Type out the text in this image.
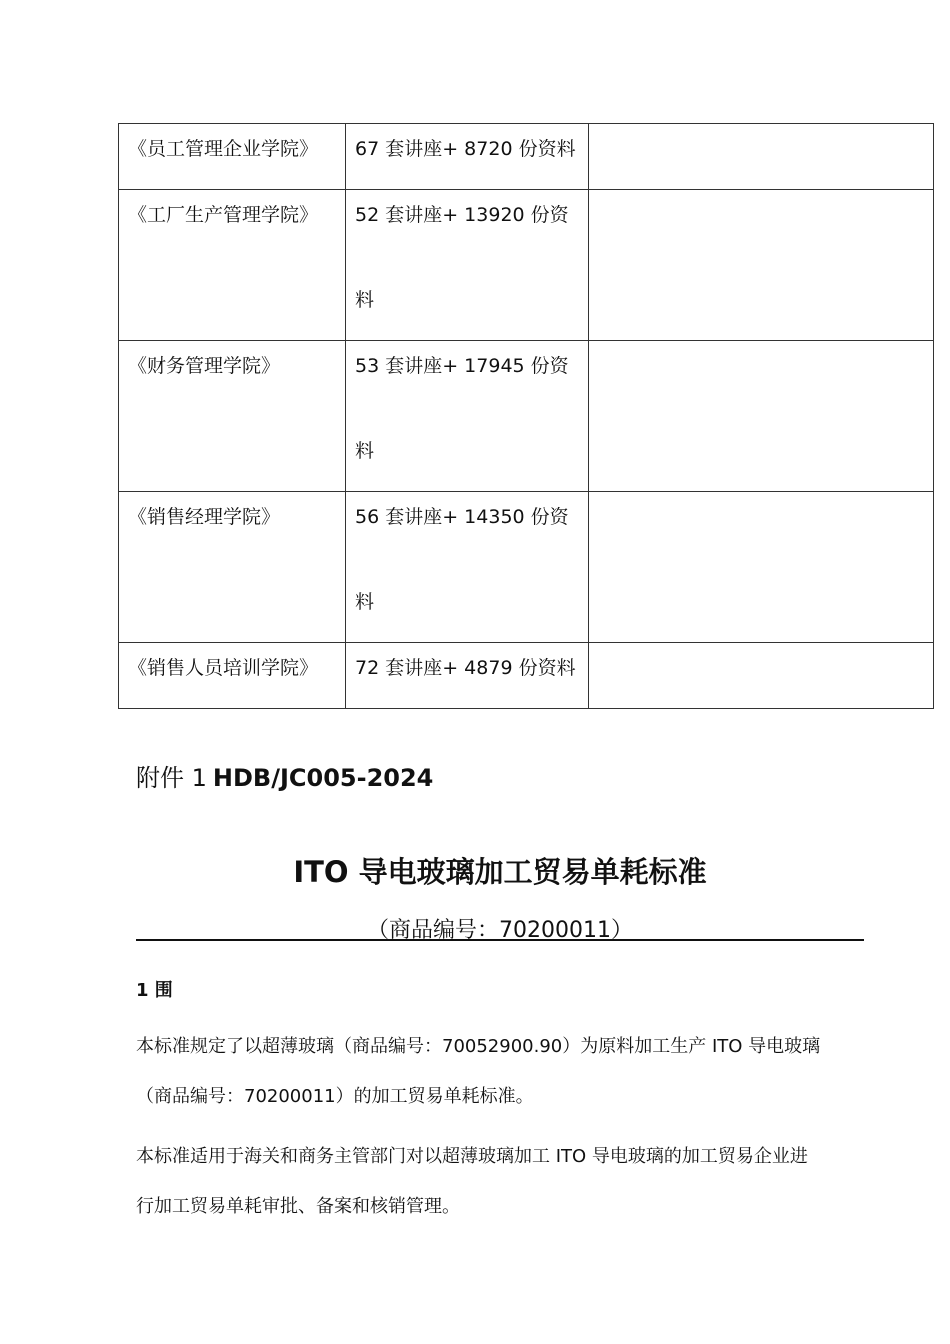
《员工管理企业学院》	67 套讲座+ 8720 份资料	
《工厂生产管理学院》	52 套讲座+ 13920 份资
料	

《财务管理学院》	53 套讲座+ 17945 份资
料	

《销售经理学院》	56 套讲座+ 14350 份资
料	

《销售人员培训学院》	72 套讲座+ 4879 份资料	
附件 1 HDB/JC005-2024
ITO 导电玻璃加工贸易单耗标准
（商品编号：70200011）
1 围
本标准规定了以超薄玻璃（商品编号：70052900.90）为原料加工生产 ITO 导电玻璃
（商品编号：70200011）的加工贸易单耗标准。
本标准适用于海关和商务主管部门对以超薄玻璃加工 ITO 导电玻璃的加工贸易企业进
行加工贸易单耗审批、备案和核销管理。
